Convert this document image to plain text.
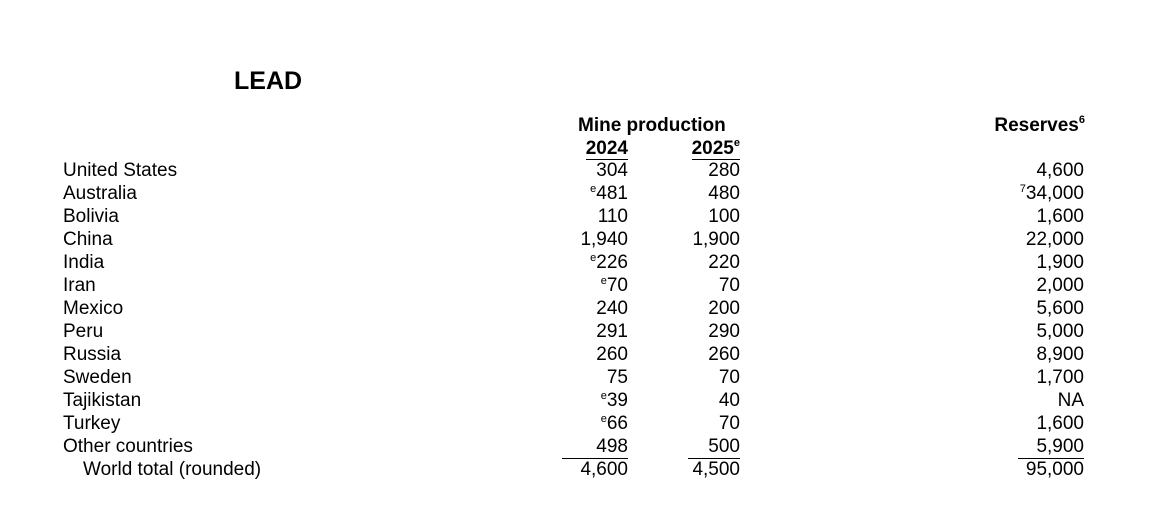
LEAD
Mine production
2024	2025e
Reserves$^6$
United States	304	280	4,600
Australia	$^e$481	480	$^7$34,000
Bolivia	110	100	1,600
China	1,940	1,900	22,000
India	$^e$226	220	1,900
Iran	$^e$70	70	2,000
Mexico	240	200	5,600
Peru	291	290	5,000
Russia	260	260	8,900
Sweden	75	70	1,700
Tajikistan	$^e$39	40	NA
Turkey	$^e$66	70	1,600
Other countries	498	500	5,900
World total (rounded)	4,600	4,500	95,000
